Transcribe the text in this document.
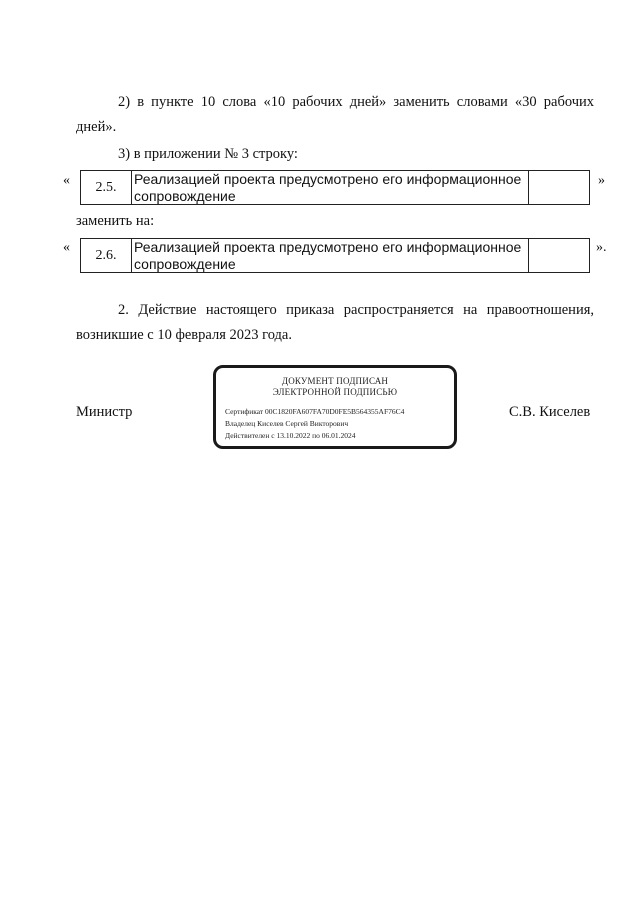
2) в пункте 10 слова «10 рабочих дней» заменить словами «30 рабочих
дней».
3) в приложении № 3 строку:
« 2.5.	Реализацией проекта предусмотрено его информационное
сопровождение

»
заменить на:
« 2.6.	Реализацией проекта предусмотрено его информационное
сопровождение

».
2. Действие настоящего приказа распространяется на правоотношения,
возникшие с 10 февраля 2023 года.
Министр	С.В. Киселев
ДОКУМЕНТ ПОДПИСАН
ЭЛЕКТРОННОЙ ПОДПИСЬЮ
Сертификат 00C1820FA607FA70D0FE5B564355AF76C4
Владелец Киселев Сергей Викторович
Действителен с 13.10.2022 по 06.01.2024
